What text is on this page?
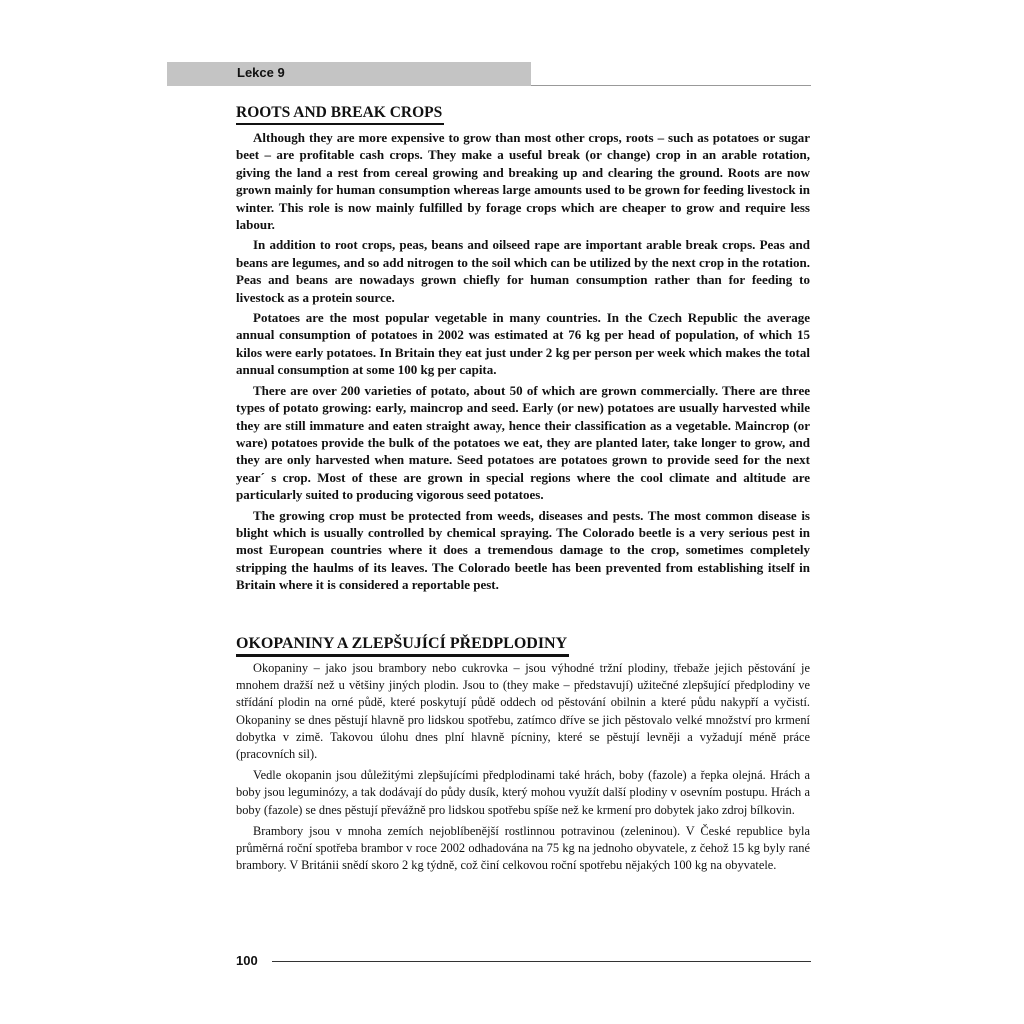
Lekce 9
ROOTS AND BREAK CROPS

Although they are more expensive to grow than most other crops, roots – such as potatoes or sugar beet – are profitable cash crops. They make a useful break (or change) crop in an arable rotation, giving the land a rest from cereal growing and breaking up and clearing the ground. Roots are now grown mainly for human consumption whereas large amounts used to be grown for feeding livestock in winter. This role is now mainly fulfilled by forage crops which are cheaper to grow and require less labour.

In addition to root crops, peas, beans and oilseed rape are important arable break crops. Peas and beans are legumes, and so add nitrogen to the soil which can be utilized by the next crop in the rotation. Peas and beans are nowadays grown chiefly for human consumption rather than for feeding to livestock as a protein source.

Potatoes are the most popular vegetable in many countries. In the Czech Republic the average annual consumption of potatoes in 2002 was estimated at 76 kg per head of population, of which 15 kilos were early potatoes. In Britain they eat just under 2 kg per person per week which makes the total annual consumption at some 100 kg per capita.

There are over 200 varieties of potato, about 50 of which are grown commercially. There are three types of potato growing: early, maincrop and seed. Early (or new) potatoes are usually harvested while they are still immature and eaten straight away, hence their classification as a vegetable. Maincrop (or ware) potatoes provide the bulk of the potatoes we eat, they are planted later, take longer to grow, and they are only harvested when mature. Seed potatoes are potatoes grown to provide seed for the next year´ s crop. Most of these are grown in special regions where the cool climate and altitude are particularly suited to producing vigorous seed potatoes.

The growing crop must be protected from weeds, diseases and pests. The most common disease is blight which is usually controlled by chemical spraying. The Colorado beetle is a very serious pest in most European countries where it does a tremendous damage to the crop, sometimes completely stripping the haulms of its leaves. The Colorado beetle has been prevented from establishing itself in Britain where it is considered a reportable pest.

OKOPANINY A ZLEPŠUJÍCÍ PŘEDPLODINY

Okopaniny – jako jsou brambory nebo cukrovka – jsou výhodné tržní plodiny, třebaže jejich pěstování je mnohem dražší než u většiny jiných plodin. Jsou to (they make – představují) užitečné zlepšující předplodiny ve střídání plodin na orné půdě, které poskytují půdě oddech od pěstování obilnin a které půdu nakypří a vyčistí. Okopaniny se dnes pěstují hlavně pro lidskou spotřebu, zatímco dříve se jich pěstovalo velké množství pro krmení dobytka v zimě. Takovou úlohu dnes plní hlavně pícniny, které se pěstují levněji a vyžadují méně práce (pracovních sil).

Vedle okopanin jsou důležitými zlepšujícími předplodinami také hrách, boby (fazole) a řepka olejná. Hrách a boby jsou leguminózy, a tak dodávají do půdy dusík, který mohou využít další plodiny v osevním postupu. Hrách a boby (fazole) se dnes pěstují převážně pro lidskou spotřebu spíše než ke krmení pro dobytek jako zdroj bílkovin.

Brambory jsou v mnoha zemích nejoblíbenější rostlinnou potravinou (zeleninou). V České republice byla průměrná roční spotřeba brambor v roce 2002 odhadována na 75 kg na jednoho obyvatele, z čehož 15 kg byly rané brambory. V Británii snědí skoro 2 kg týdně, což činí celkovou roční spotřebu nějakých 100 kg na obyvatele.

100
